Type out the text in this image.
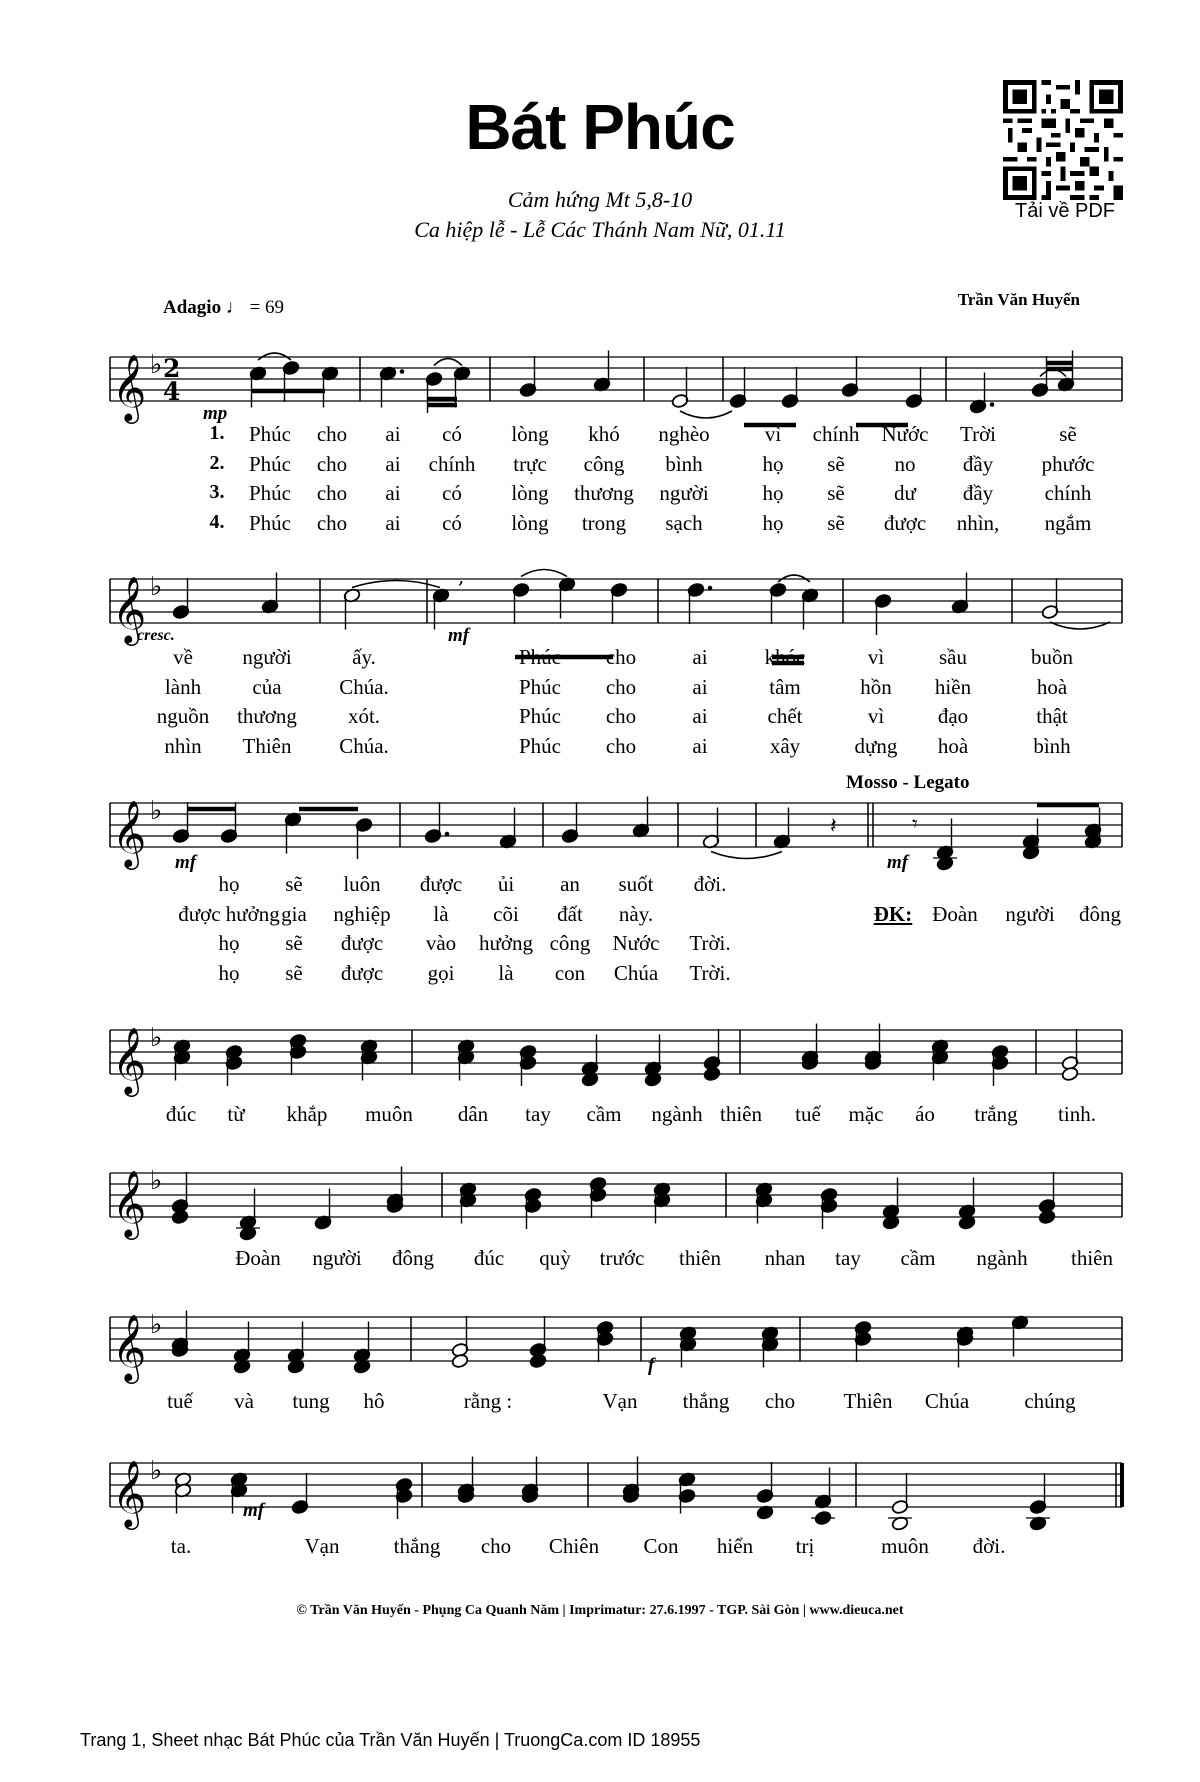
Bát Phúc
Cảm hứng Mt 5,8-10
Ca hiệp lễ - Lễ Các Thánh Nam Nữ, 01.11
Tải về PDF
Adagio ♩ = 69	Trần Văn Huyến
Mosso - Legato
𝄞 ♭ 2
4
𝄞 ♭	,
𝄞 ♭
𝄽	𝄾
𝄞 ♭
𝄞 ♭
𝄞 ♭
𝄞 ♭
mp
cresc.	mf
mf	mf
f
mf
Phúc cho ai có lòng khó nghèo	vì chính Nước Trời	sẽ
1.
Phúc cho ai chính trực công bình	họ sẽ no đầy phước
2.
Phúc cho ai có lòng thương người	họ sẽ dư đầy chính
3.
Phúc cho ai có lòng trong sạch	họ sẽ được nhìn, ngắm
4.
về người	ấy.	Phúc cho	ai	khóc	vì	sầu	buồn
lành của	Chúa.	Phúc cho	ai	tâm	hồn hiền	hoà
nguồn thương xót.	Phúc cho	ai	chết	vì	đạo	thật
nhìn Thiên Chúa.	Phúc cho	ai	xây	dựng hoà	bình
họ sẽ luôn được ủi an suốt đời.
được hưởng gia nghiệp là cõi đất này.
họ sẽ được vào hưởng công Nước Trời.
họ sẽ được gọi là con Chúa Trời.
ĐK: Đoàn người đông
đúc từ khắp muôn dân tay cầm ngành thiên tuế mặc áo trắng tinh.
Đoàn người đông đúc quỳ trước thiên nhan tay cầm ngành thiên
tuế và tung hô	rằng :	Vạn thắng cho Thiên Chúa	chúng
ta.	Vạn	thắng cho Chiên Con hiển trị	muôn đời.
© Trần Văn Huyến - Phụng Ca Quanh Năm | Imprimatur: 27.6.1997 - TGP. Sài Gòn | www.dieuca.net
Trang 1, Sheet nhạc Bát Phúc của Trần Văn Huyến | TruongCa.com ID 18955
